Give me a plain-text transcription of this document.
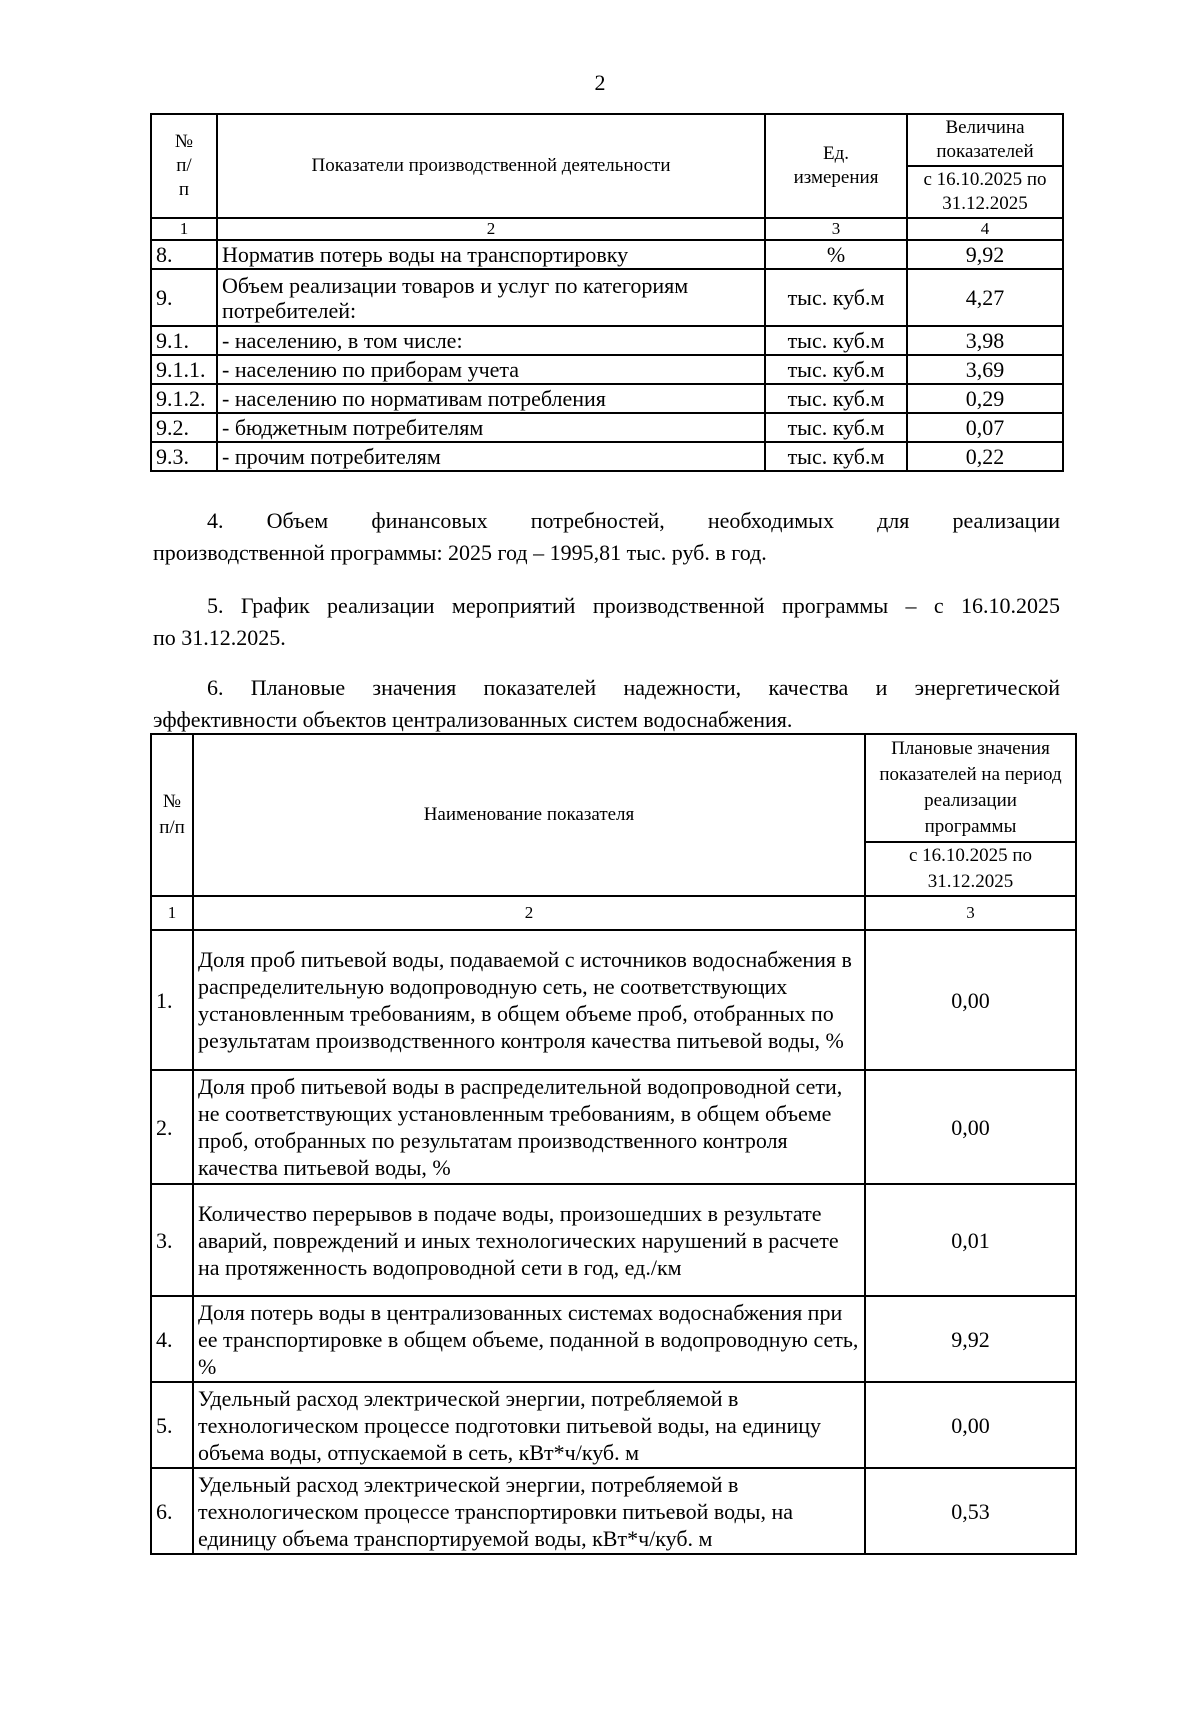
2
№ п/п	Показатели производственной деятельности	Ед. измерения	Величина показателей
			с 16.10.2025 по 31.12.2025
1	2	3	4
8.	Норматив потерь воды на транспортировку	%	9,92
9.	Объем реализации товаров и услуг по категориям потребителей:	тыс. куб.м	4,27
9.1.	- населению, в том числе:	тыс. куб.м	3,98
9.1.1.	- населению по приборам учета	тыс. куб.м	3,69
9.1.2.	- населению по нормативам потребления	тыс. куб.м	0,29
9.2.	- бюджетным потребителям	тыс. куб.м	0,07
9.3.	- прочим потребителям	тыс. куб.м	0,22
4. Объем финансовых потребностей, необходимых для реализации
производственной программы: 2025 год – 1995,81 тыс. руб. в год.
5. График реализации мероприятий производственной программы – с 16.10.2025
по 31.12.2025.
6. Плановые значения показателей надежности, качества и энергетической
эффективности объектов централизованных систем водоснабжения.
№ п/п	Наименование показателя	Плановые значения показателей на период реализации программы
		с 16.10.2025 по 31.12.2025
1	2	3
1.	Доля проб питьевой воды, подаваемой с источников водоснабжения в распределительную водопроводную сеть, не соответствующих установленным требованиям, в общем объеме проб, отобранных по результатам производственного контроля качества питьевой воды, %	0,00
2.	Доля проб питьевой воды в распределительной водопроводной сети, не соответствующих установленным требованиям, в общем объеме проб, отобранных по результатам производственного контроля качества питьевой воды, %	0,00
3.	Количество перерывов в подаче воды, произошедших в результате аварий, повреждений и иных технологических нарушений в расчете на протяженность водопроводной сети в год, ед./км	0,01
4.	Доля потерь воды в централизованных системах водоснабжения при ее транспортировке в общем объеме, поданной в водопроводную сеть, %	9,92
5.	Удельный расход электрической энергии, потребляемой в технологическом процессе подготовки питьевой воды, на единицу объема воды, отпускаемой в сеть, кВт*ч/куб. м	0,00
6.	Удельный расход электрической энергии, потребляемой в технологическом процессе транспортировки питьевой воды, на единицу объема транспортируемой воды, кВт*ч/куб. м	0,53
